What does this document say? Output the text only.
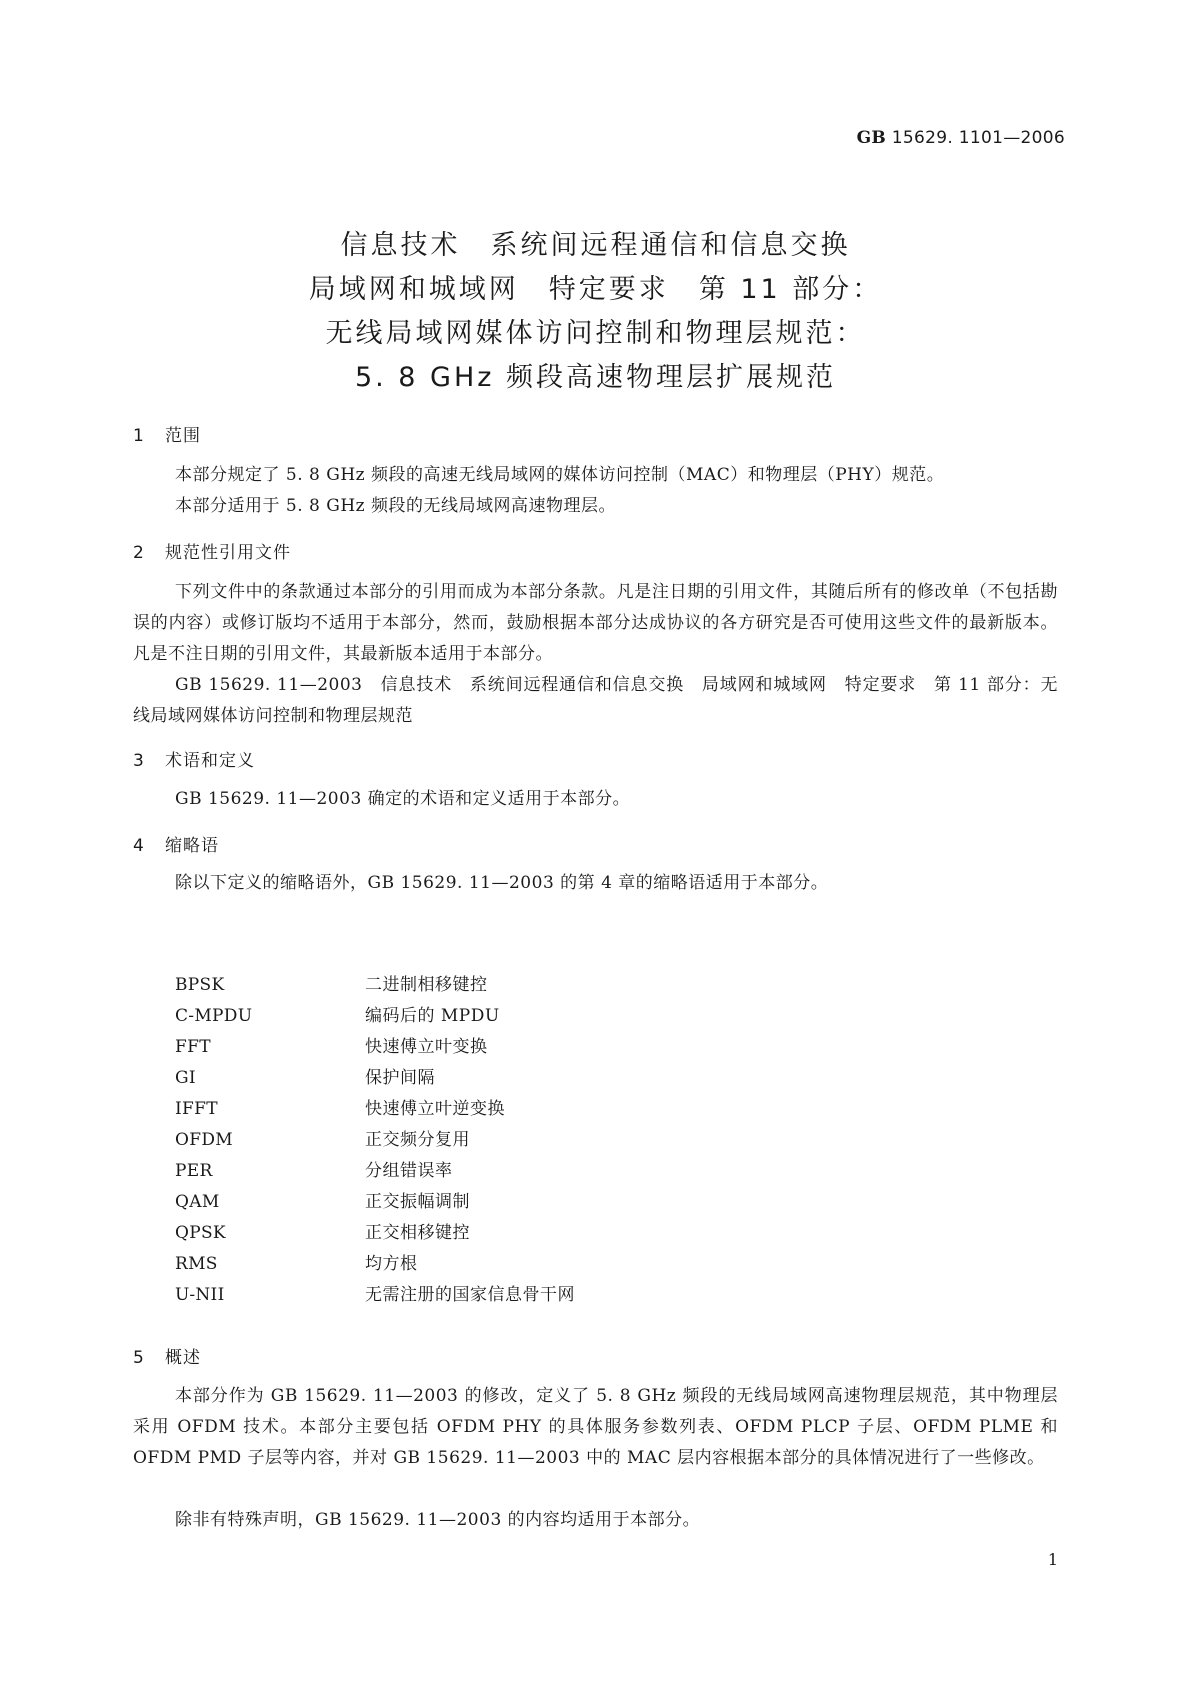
GB 15629. 1101—2006
信息技术　系统间远程通信和信息交换
局域网和城域网　特定要求　第 11 部分：
无线局域网媒体访问控制和物理层规范：
5. 8 GHz 频段高速物理层扩展规范
1 范围
本部分规定了 5. 8 GHz 频段的高速无线局域网的媒体访问控制（MAC）和物理层（PHY）规范。
本部分适用于 5. 8 GHz 频段的无线局域网高速物理层。
2 规范性引用文件
下列文件中的条款通过本部分的引用而成为本部分条款。凡是注日期的引用文件，其随后所有的修改单（不包括勘误的内容）或修订版均不适用于本部分，然而，鼓励根据本部分达成协议的各方研究是否可使用这些文件的最新版本。凡是不注日期的引用文件，其最新版本适用于本部分。
GB 15629. 11—2003　信息技术　系统间远程通信和信息交换　局域网和城域网　特定要求　第 11 部分：无线局域网媒体访问控制和物理层规范
3 术语和定义
GB 15629. 11—2003 确定的术语和定义适用于本部分。
4 缩略语
除以下定义的缩略语外，GB 15629. 11—2003 的第 4 章的缩略语适用于本部分。
BPSK	二进制相移键控
C-MPDU	编码后的 MPDU
FFT	快速傅立叶变换
GI	保护间隔
IFFT	快速傅立叶逆变换
OFDM	正交频分复用
PER	分组错误率
QAM	正交振幅调制
QPSK	正交相移键控
RMS	均方根
U-NII	无需注册的国家信息骨干网
5 概述
本部分作为 GB 15629. 11—2003 的修改，定义了 5. 8 GHz 频段的无线局域网高速物理层规范，其中物理层采用 OFDM 技术。本部分主要包括 OFDM PHY 的具体服务参数列表、OFDM PLCP 子层、OFDM PLME 和 OFDM PMD 子层等内容，并对 GB 15629. 11—2003 中的 MAC 层内容根据本部分的具体情况进行了一些修改。
除非有特殊声明，GB 15629. 11—2003 的内容均适用于本部分。
1
